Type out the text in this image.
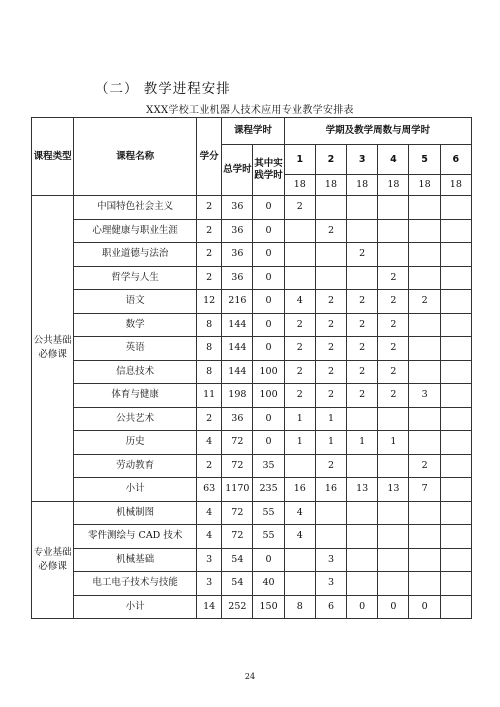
（二） 教学进程安排
XXX学校工业机器人技术应用专业教学安排表
课程类型	课程名称	学分	课程学时		学期及教学周数与周学时					
			总学时	其中实践学时	1	2	3	4	5	6
					18	18	18	18	18	18
公共基础必修课	中国特色社会主义	2	36	0	2					
	心理健康与职业生涯	2	36	0		2				
	职业道德与法治	2	36	0			2			
	哲学与人生	2	36	0				2		
	语文	12	216	0	4	2	2	2	2	
	数学	8	144	0	2	2	2	2		
	英语	8	144	0	2	2	2	2		
	信息技术	8	144	100	2	2	2	2		
	体育与健康	11	198	100	2	2	2	2	3	
	公共艺术	2	36	0	1	1				
	历史	4	72	0	1	1	1	1		
	劳动教育	2	72	35		2			2	
	小计	63	1170	235	16	16	13	13	7	
专业基础必修课	机械制图	4	72	55	4					
	零件测绘与 CAD 技术	4	72	55	4					
	机械基础	3	54	0		3				
	电工电子技术与技能	3	54	40		3				
	小计	14	252	150	8	6	0	0	0	
24
